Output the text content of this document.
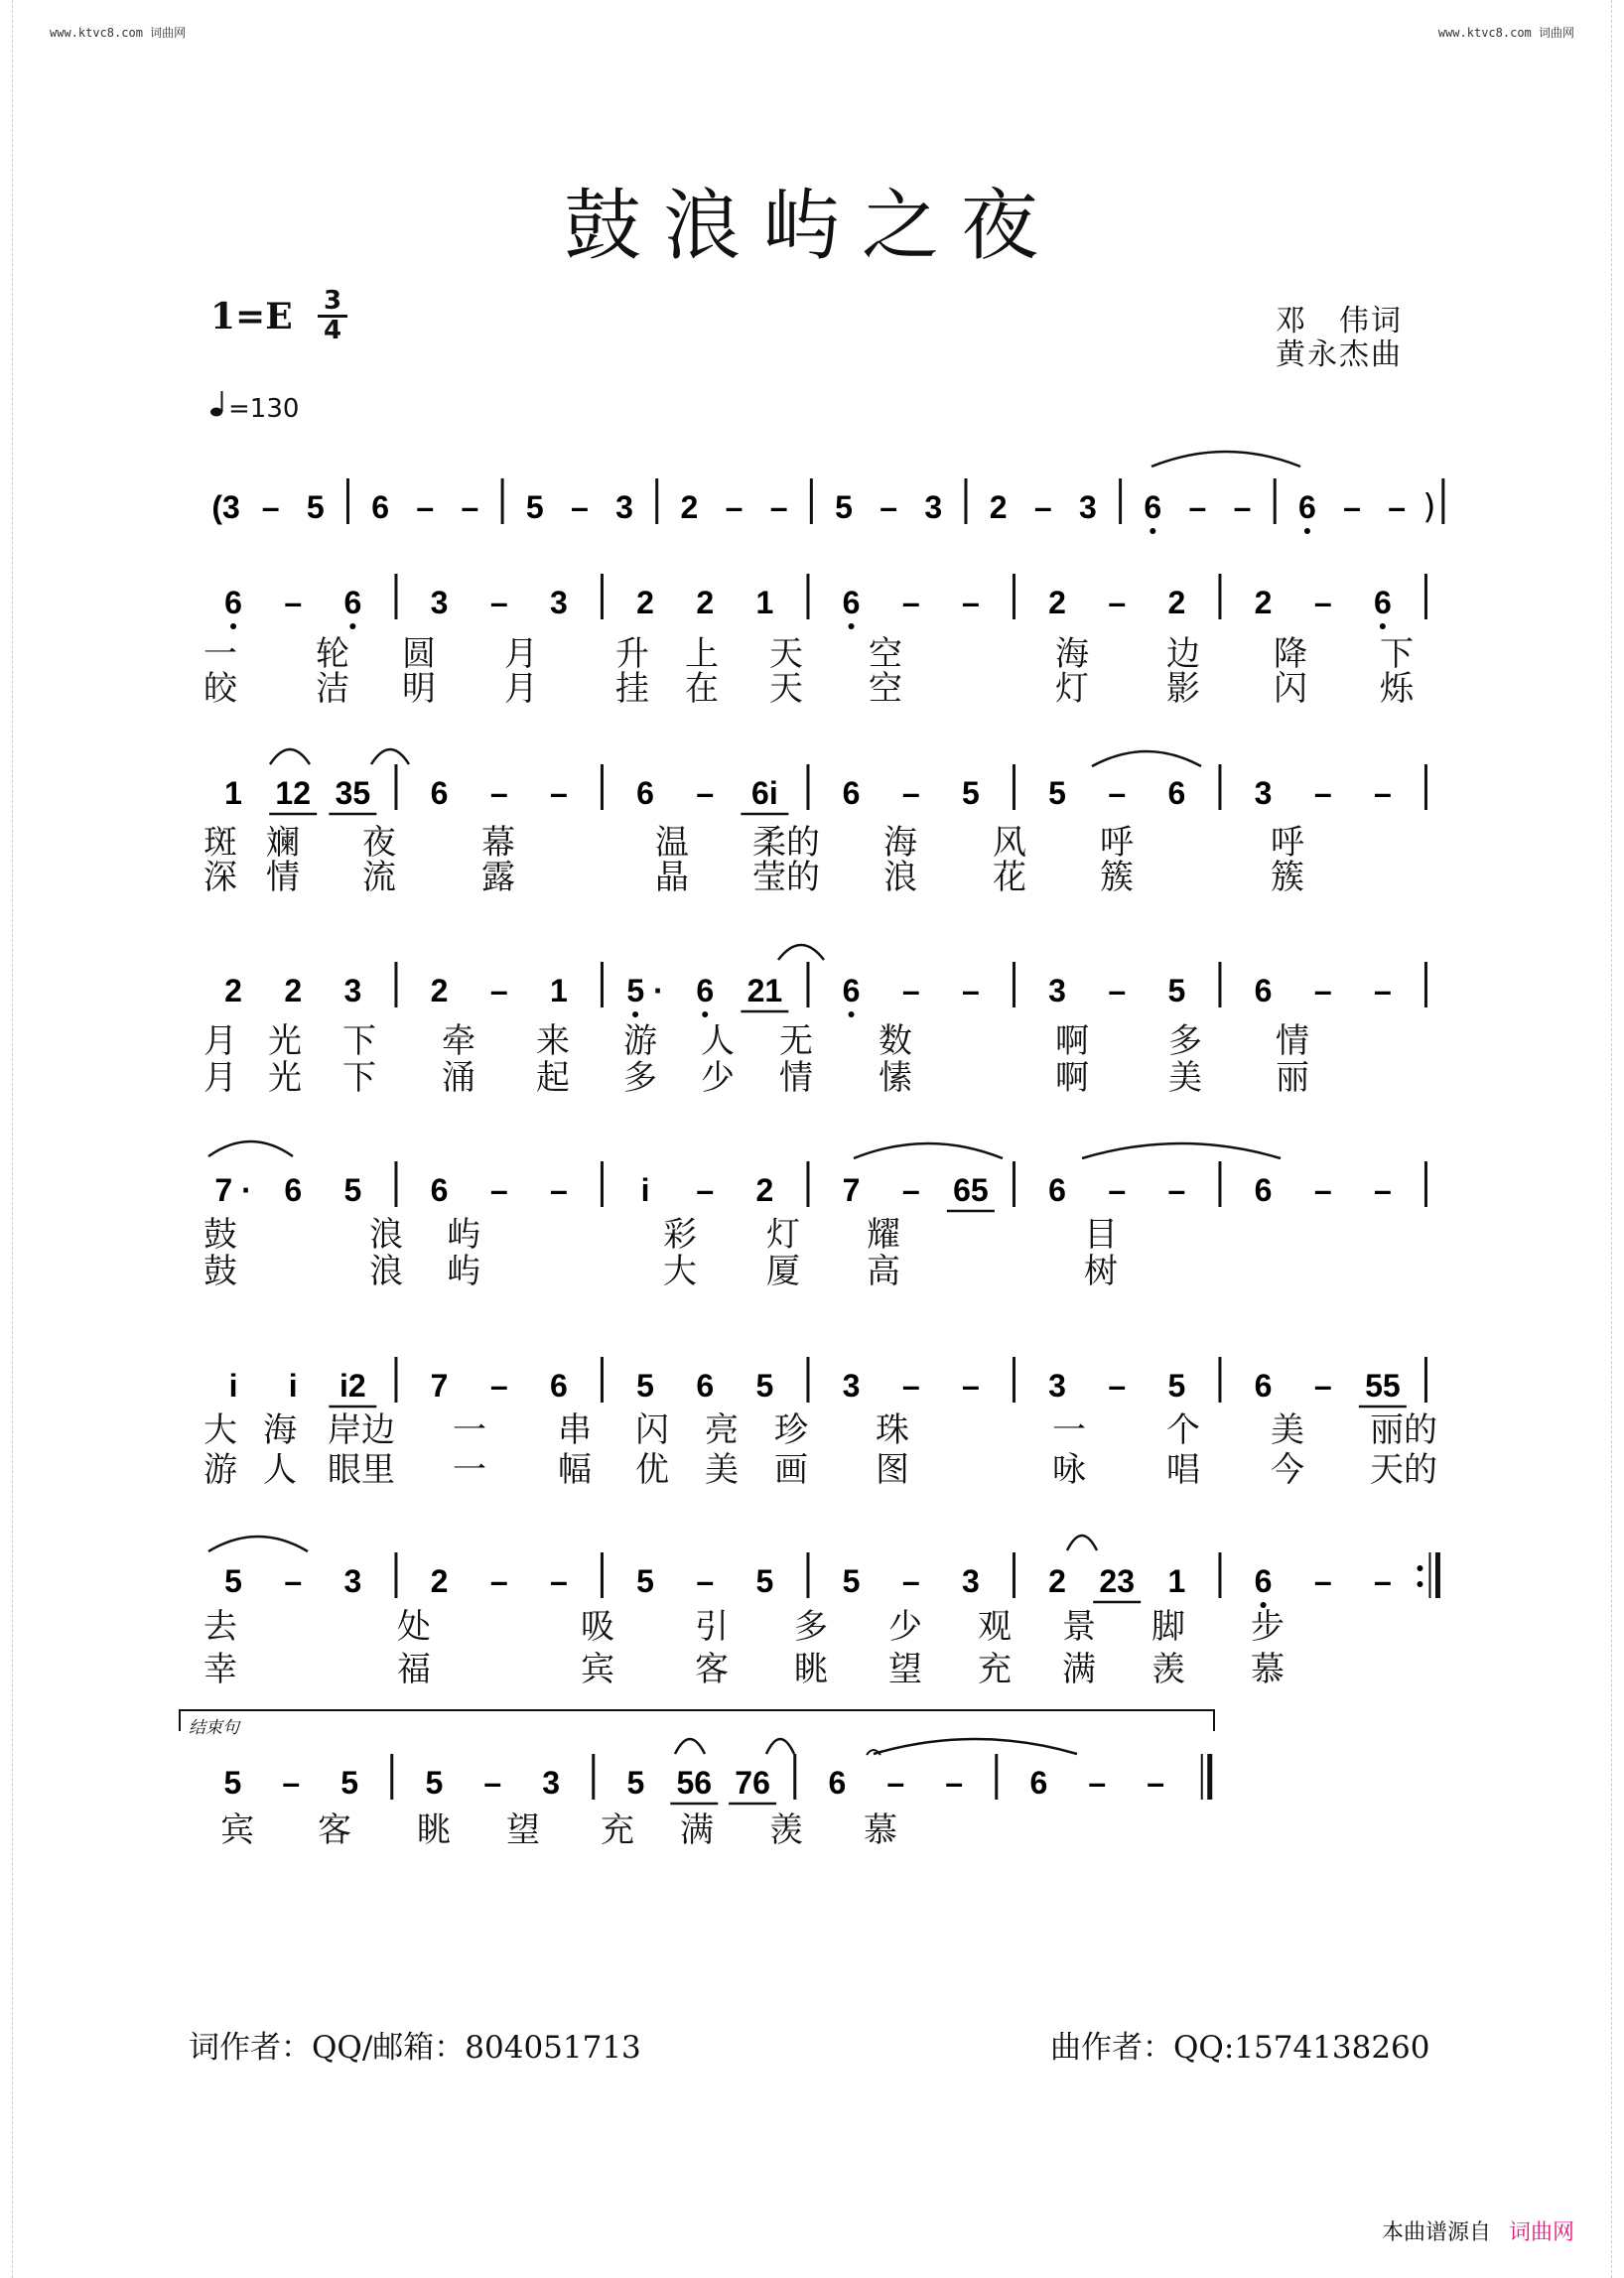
www.ktvc8.com 词曲网	www.ktvc8.com 词曲网
鼓浪屿之夜
$1=E \frac{3}{4}$
=130
邓　伟词
黄永杰曲
(3 – 5 6 – – 5 – 3 2 – – 5 – 3 2 – 3 6 – – 6 – – )
6 – 6 3 – 3 2 2 1 6 – – 2 – 2 2 – 6
1 12 35 6 – – 6 – 6i 6 – 5 5 – 6 3 – –
2 2 3 2 – 1 5 · 6 21 6 – – 3 – 5 6 – –
7 · 6 5 6 – – i – 2 7 – 65 6 – – 6 – –
i i i2 7 – 6 5 6 5 3 – – 3 – 5 6 – 55
5 – 3 2 – – 5 – 5 5 – 3 2 23 1 6 – –
5 – 5 5 – 3 5 56 76 6 – – 6 – –
一 轮 圆 月 升 上 天 空	海 边 降 下
皎 洁 明 月 挂 在 天 空	灯 影 闪 烁
斑 斓 夜	幕	温 柔的 海 风 呼	呼
深 情 流	露	晶 莹的 浪 花 簇	簇
月 光 下 牵 来 游 人 无 数	啊 多 情
月 光 下 涌 起 多 少 情 愫	啊 美 丽
鼓	浪 屿	彩 灯 耀	目
鼓	浪 屿	大 厦 高	树
大 海 岸边 一 串 闪 亮 珍 珠	一 个 美 丽的
游 人 眼里 一 幅 优 美 画 图	咏 唱 今 天的
去	处	吸 引 多 少 观 景 脚 步
幸	福	宾 客 眺 望 充 满 羡 慕
宾 客 眺 望 充 满 羡 慕
结束句
词作者：QQ/邮箱：804051713	曲作者：QQ:1574138260
本曲谱源自 词曲网
